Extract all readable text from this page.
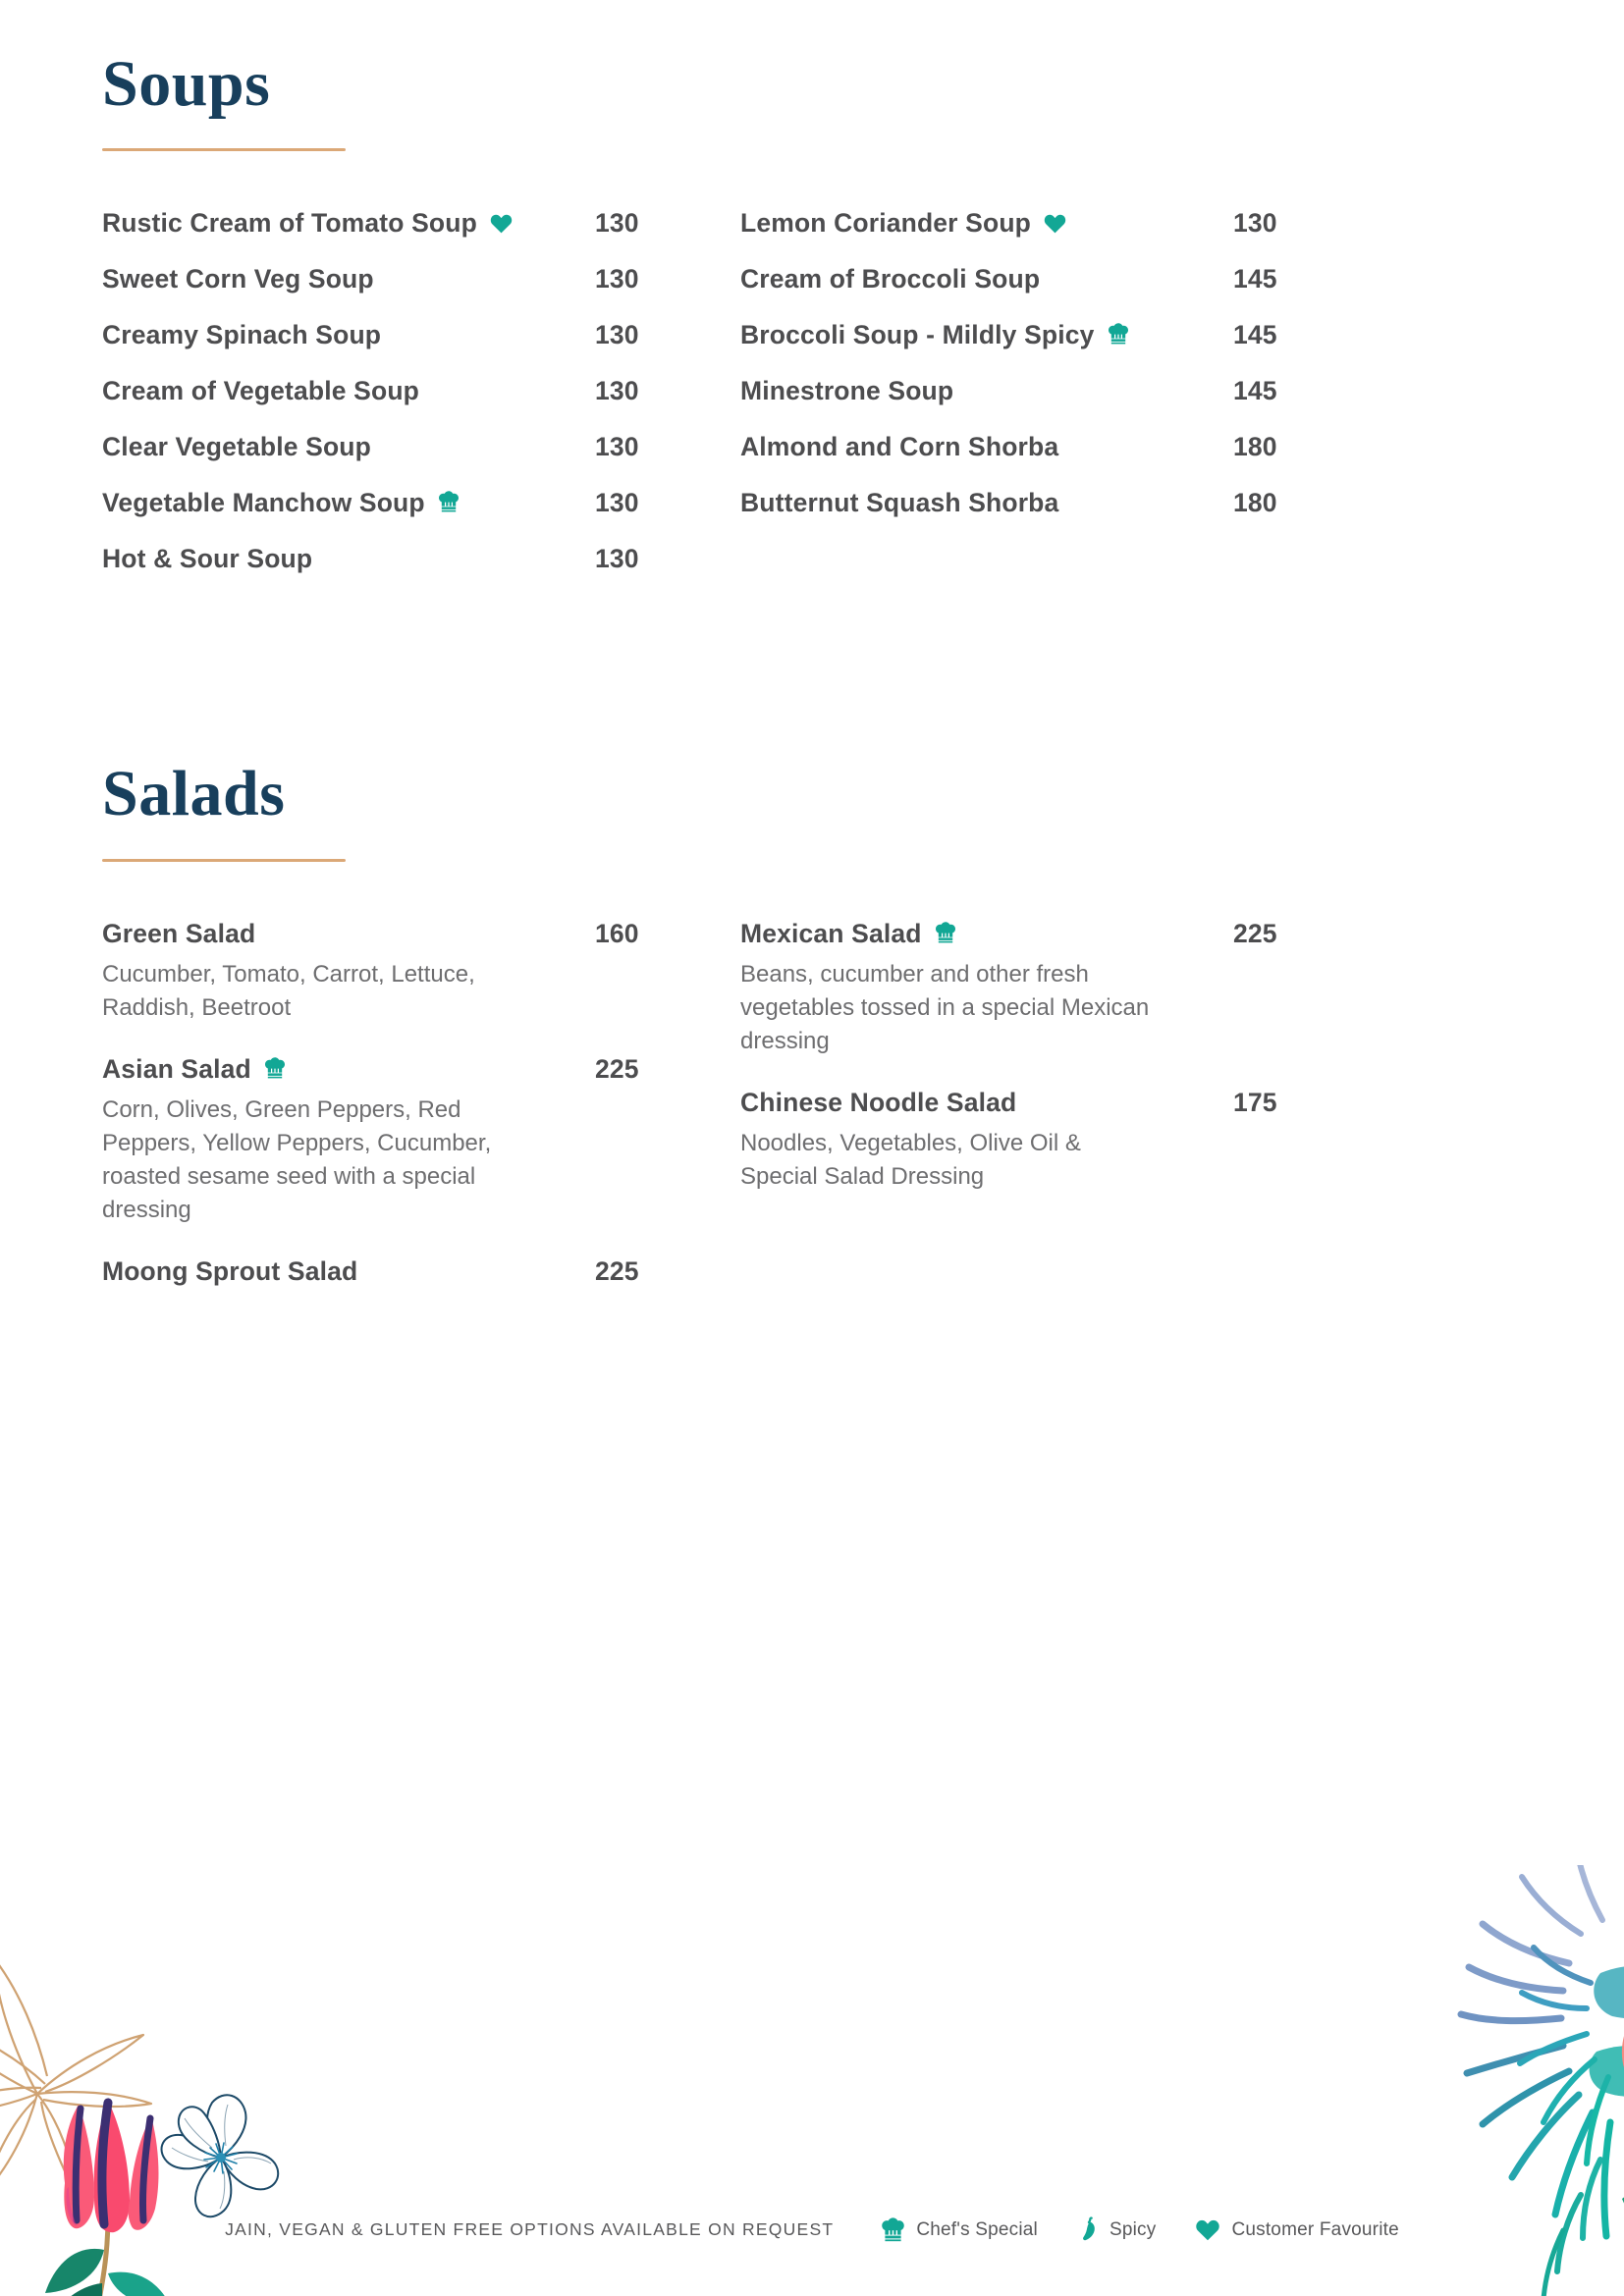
Soups
Rustic Cream of Tomato Soup	130
Sweet Corn Veg Soup	130
Creamy Spinach Soup	130
Cream of Vegetable Soup	130
Clear Vegetable Soup	130
Vegetable Manchow Soup	130
Hot & Sour Soup	130
Lemon Coriander Soup	130
Cream of Broccoli Soup	145
Broccoli Soup - Mildly Spicy	145
Minestrone Soup	145
Almond and Corn Shorba	180
Butternut Squash Shorba	180
Salads
Green Salad	160
Cucumber, Tomato, Carrot, Lettuce, Raddish, Beetroot
Asian Salad	225
Corn, Olives, Green Peppers, Red Peppers, Yellow Peppers, Cucumber, roasted sesame seed with a special dressing
Moong Sprout Salad	225
Mexican Salad	225
Beans, cucumber and other fresh vegetables tossed in a special Mexican dressing
Chinese Noodle Salad	175
Noodles, Vegetables, Olive Oil & Special Salad Dressing
JAIN, VEGAN & GLUTEN FREE OPTIONS AVAILABLE ON REQUEST	Chef's Special	Spicy	Customer Favourite
